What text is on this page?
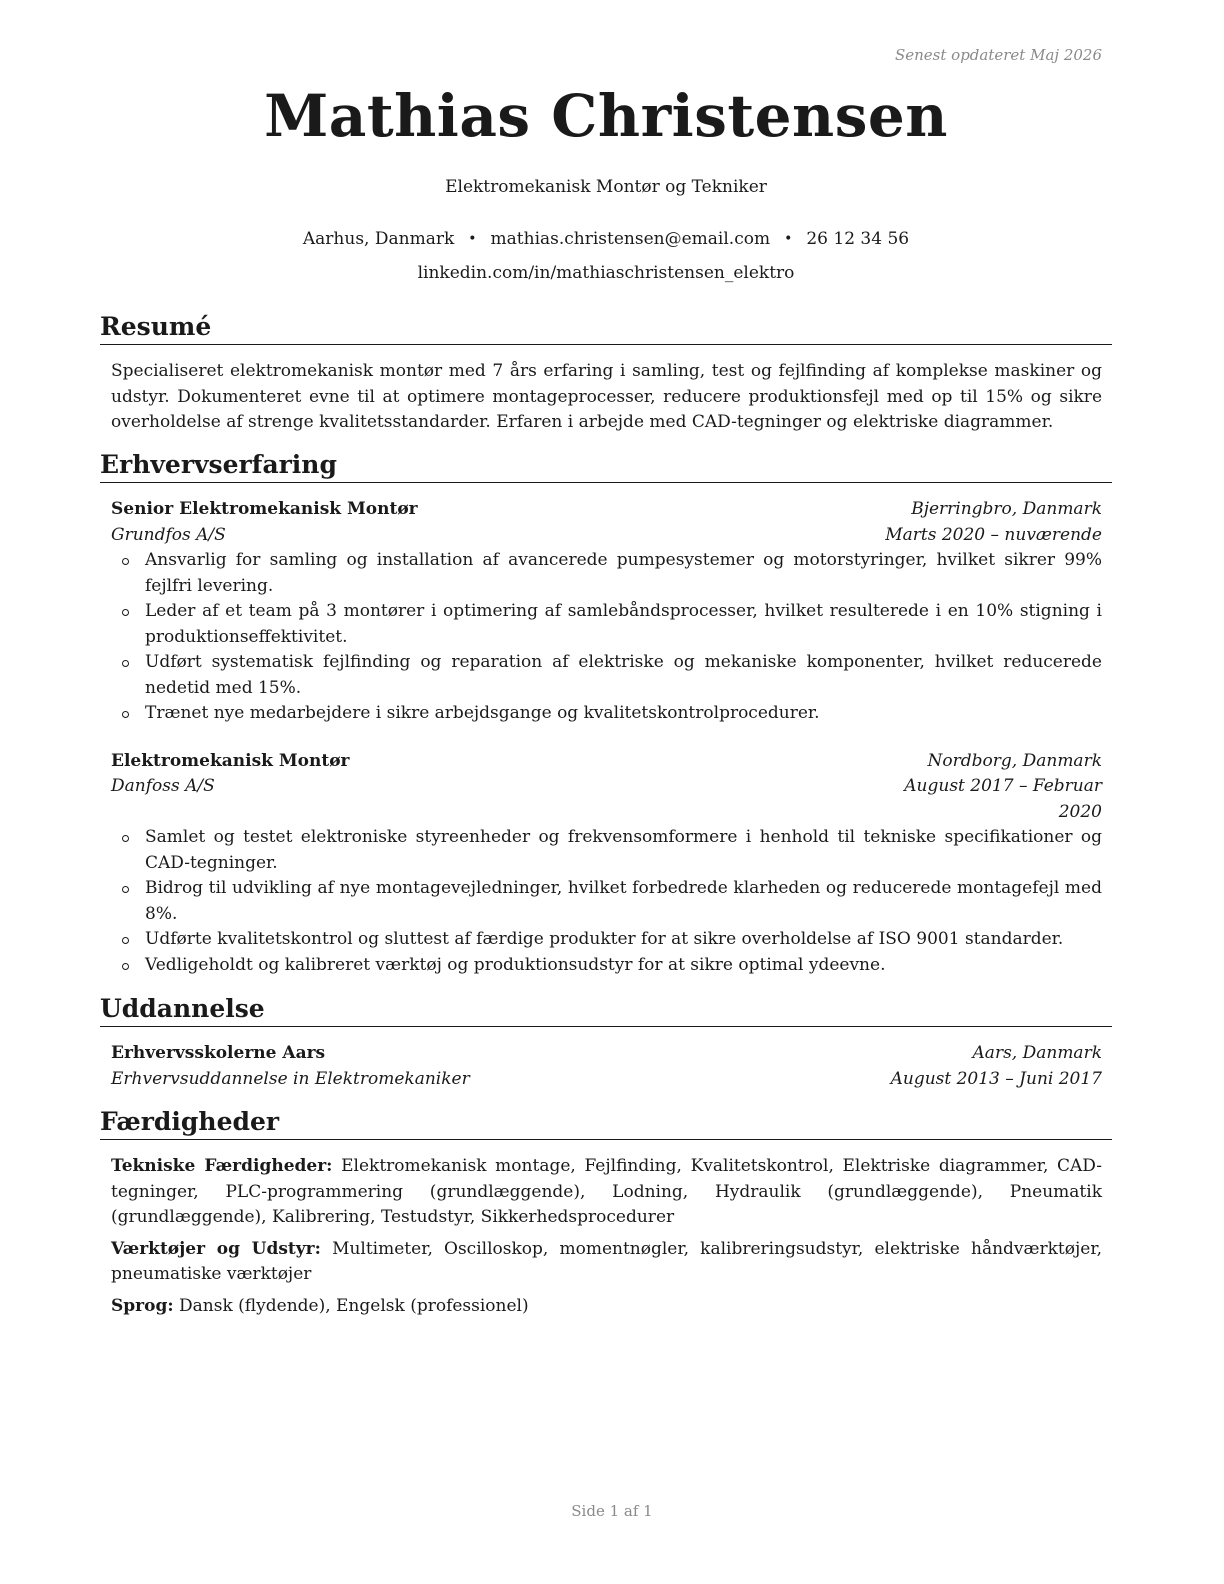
Senest opdateret Maj 2026
Mathias Christensen
Elektromekanisk Montør og Tekniker
Aarhus, Danmark • mathias.christensen@email.com • 26 12 34 56
linkedin.com/in/mathiaschristensen_elektro
Resumé
Specialiseret elektromekanisk montør med 7 års erfaring i samling, test og fejlfinding af komplekse maskiner og udstyr. Dokumenteret evne til at optimere montageprocesser, reducere produktionsfejl med op til 15% og sikre overholdelse af strenge kvalitetsstandarder. Erfaren i arbejde med CAD-tegninger og elektriske diagrammer.
Erhvervserfaring
Senior Elektromekanisk Montør	Bjerringbro, Danmark
Grundfos A/S	Marts 2020 – nuværende
Ansvarlig for samling og installation af avancerede pumpesystemer og motorstyringer, hvilket sikrer 99% fejlfri levering.
Leder af et team på 3 montører i optimering af samlebåndsprocesser, hvilket resulterede i en 10% stigning i produktionseffektivitet.
Udført systematisk fejlfinding og reparation af elektriske og mekaniske komponenter, hvilket reducerede nedetid med 15%.
Trænet nye medarbejdere i sikre arbejdsgange og kvalitetskontrolprocedurer.
Elektromekanisk Montør	Nordborg, Danmark
Danfoss A/S	August 2017 – Februar 2020
Samlet og testet elektroniske styreenheder og frekvensomformere i henhold til tekniske specifikationer og CAD-tegninger.
Bidrog til udvikling af nye montagevejledninger, hvilket forbedrede klarheden og reducerede montagefejl med 8%.
Udførte kvalitetskontrol og sluttest af færdige produkter for at sikre overholdelse af ISO 9001 standarder.
Vedligeholdt og kalibreret værktøj og produktionsudstyr for at sikre optimal ydeevne.
Uddannelse
Erhvervsskolerne Aars	Aars, Danmark
Erhvervsuddannelse in Elektromekaniker	August 2013 – Juni 2017
Færdigheder
Tekniske Færdigheder: Elektromekanisk montage, Fejlfinding, Kvalitetskontrol, Elektriske diagrammer, CAD-tegninger, PLC-programmering (grundlæggende), Lodning, Hydraulik (grundlæggende), Pneumatik (grundlæggende), Kalibrering, Testudstyr, Sikkerhedsprocedurer
Værktøjer og Udstyr: Multimeter, Oscilloskop, momentnøgler, kalibreringsudstyr, elektriske håndværktøjer, pneumatiske værktøjer
Sprog: Dansk (flydende), Engelsk (professionel)
Side 1 af 1
